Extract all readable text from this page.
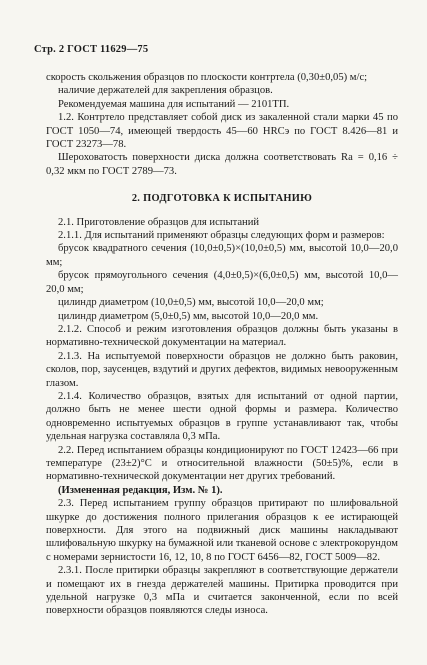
Стр. 2 ГОСТ 11629—75

скорость скольжения образцов по плоскости контртела (0,30±0,05) м/с;

наличие держателей для закрепления образцов.

Рекомендуемая машина для испытаний — 2101ТП.

1.2. Контртело представляет собой диск из закаленной стали марки 45 по ГОСТ 1050—74, имеющей твердость 45—60 HRCэ по ГОСТ 8.426—81 и ГОСТ 23273—78.

Шероховатость поверхности диска должна соответствовать Ra = 0,16 ÷ 0,32 мкм по ГОСТ 2789—73.

2. ПОДГОТОВКА К ИСПЫТАНИЮ

2.1. Приготовление образцов для испытаний

2.1.1. Для испытаний применяют образцы следующих форм и размеров:

брусок квадратного сечения (10,0±0,5)×(10,0±0,5) мм, высотой 10,0—20,0 мм;

брусок прямоугольного сечения (4,0±0,5)×(6,0±0,5) мм, высотой 10,0—20,0 мм;

цилиндр диаметром (10,0±0,5) мм, высотой 10,0—20,0 мм;

цилиндр диаметром (5,0±0,5) мм, высотой 10,0—20,0 мм.

2.1.2. Способ и режим изготовления образцов должны быть указаны в нормативно-технической документации на материал.

2.1.3. На испытуемой поверхности образцов не должно быть раковин, сколов, пор, заусенцев, вздутий и других дефектов, видимых невооруженным глазом.

2.1.4. Количество образцов, взятых для испытаний от одной партии, должно быть не менее шести одной формы и размера. Количество одновременно испытуемых образцов в группе устанавливают так, чтобы удельная нагрузка составляла 0,3 мПа.

2.2. Перед испытанием образцы кондиционируют по ГОСТ 12423—66 при температуре (23±2)°C и относительной влажности (50±5)%, если в нормативно-технической документации нет других требований.

(Измененная редакция, Изм. № 1).

2.3. Перед испытанием группу образцов притирают по шлифовальной шкурке до достижения полного прилегания образцов к ее истирающей поверхности. Для этого на подвижный диск машины накладывают шлифовальную шкурку на бумажной или тканевой основе с электрокорундом с номерами зернистости 16, 12, 10, 8 по ГОСТ 6456—82, ГОСТ 5009—82.

2.3.1. После притирки образцы закрепляют в соответствующие держатели и помещают их в гнезда держателей машины. Притирка проводится при удельной нагрузке 0,3 мПа и считается законченной, если по всей поверхности образцов появляются следы износа.
